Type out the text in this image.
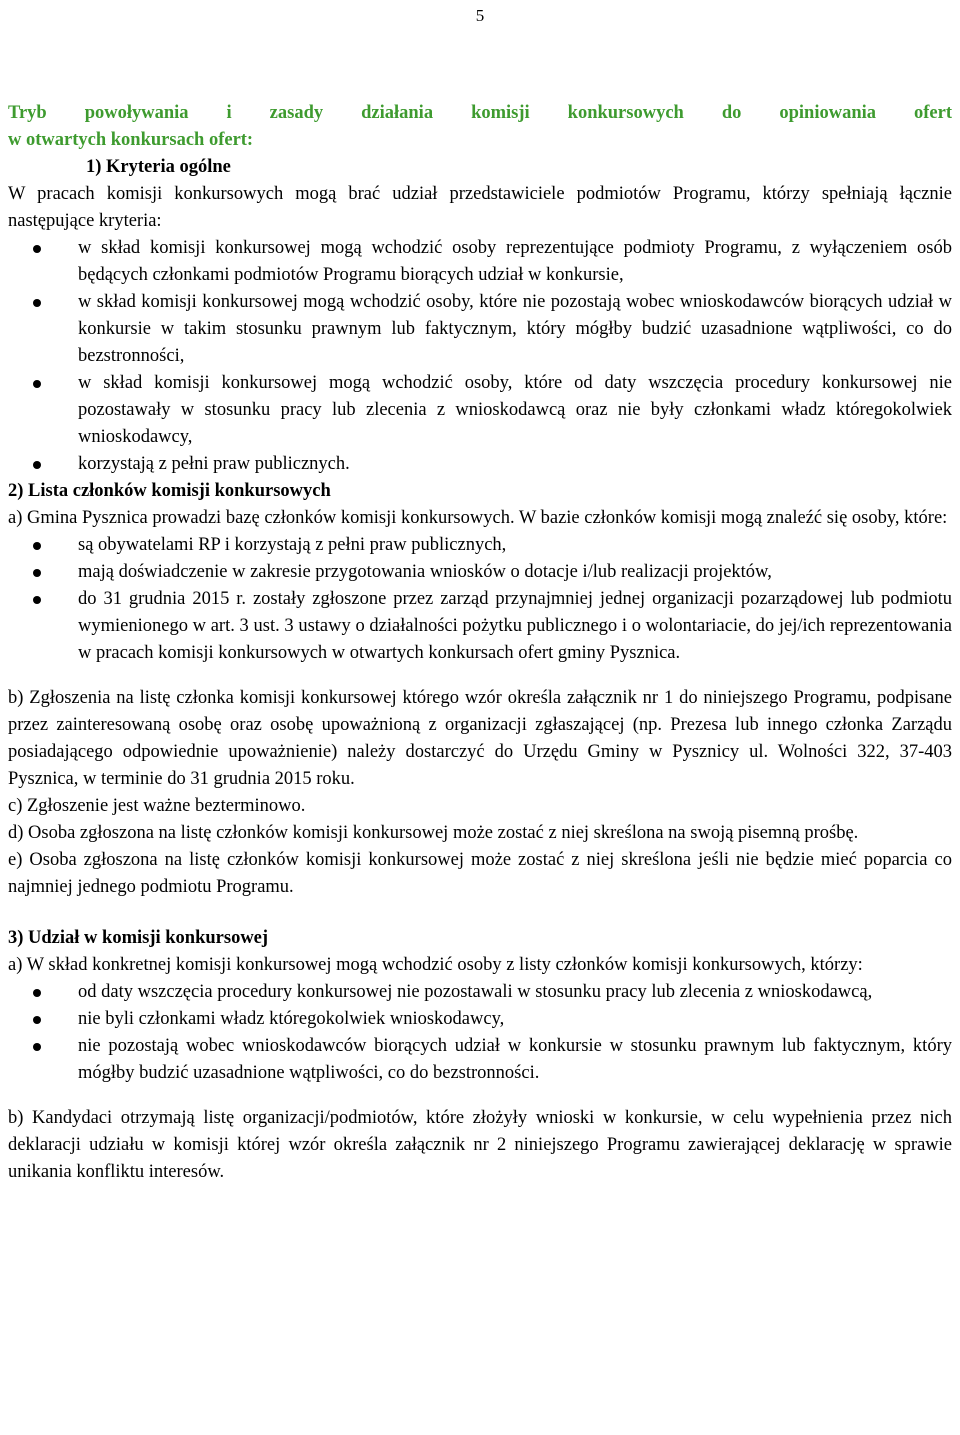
5
Tryb powoływania i zasady działania komisji konkursowych do opiniowania ofert
w otwartych konkursach ofert:
1) Kryteria ogólne
W pracach komisji konkursowych mogą brać udział przedstawiciele podmiotów Programu, którzy spełniają łącznie następujące kryteria:
w skład komisji konkursowej mogą wchodzić osoby reprezentujące podmioty Programu, z wyłączeniem osób będących członkami podmiotów Programu biorących udział w konkursie,
w skład komisji konkursowej mogą wchodzić osoby, które nie pozostają wobec wnioskodawców biorących udział w konkursie w takim stosunku prawnym lub faktycznym, który mógłby budzić uzasadnione wątpliwości, co do bezstronności,
w skład komisji konkursowej mogą wchodzić osoby, które od daty wszczęcia procedury konkursowej nie pozostawały w stosunku pracy lub zlecenia z wnioskodawcą oraz nie były członkami władz któregokolwiek wnioskodawcy,
korzystają z pełni praw publicznych.
2) Lista członków komisji konkursowych
a) Gmina Pysznica prowadzi bazę członków komisji konkursowych. W bazie członków komisji mogą znaleźć się osoby, które:
są obywatelami RP i korzystają z pełni praw publicznych,
mają doświadczenie w zakresie przygotowania wniosków o dotacje i/lub realizacji projektów,
do 31 grudnia 2015 r. zostały zgłoszone przez zarząd przynajmniej jednej organizacji pozarządowej lub podmiotu wymienionego w art. 3 ust. 3 ustawy o działalności pożytku publicznego i o wolontariacie, do jej/ich reprezentowania w pracach komisji konkursowych w otwartych konkursach ofert gminy Pysznica.
b) Zgłoszenia na listę członka komisji konkursowej którego wzór określa załącznik nr 1 do niniejszego Programu, podpisane przez zainteresowaną osobę oraz osobę upoważnioną z organizacji zgłaszającej (np. Prezesa lub innego członka Zarządu posiadającego odpowiednie upoważnienie) należy dostarczyć do Urzędu Gminy w Pysznicy ul. Wolności 322, 37-403 Pysznica, w terminie do 31 grudnia 2015 roku.
c) Zgłoszenie jest ważne bezterminowo.
d) Osoba zgłoszona na listę członków komisji konkursowej może zostać z niej skreślona na swoją pisemną prośbę.
e) Osoba zgłoszona na listę członków komisji konkursowej może zostać z niej skreślona jeśli nie będzie mieć poparcia co najmniej jednego podmiotu Programu.
3) Udział w komisji konkursowej
a) W skład konkretnej komisji konkursowej mogą wchodzić osoby z listy członków komisji konkursowych, którzy:
od daty wszczęcia procedury konkursowej nie pozostawali w stosunku pracy lub zlecenia z wnioskodawcą,
nie byli członkami władz któregokolwiek wnioskodawcy,
nie pozostają wobec wnioskodawców biorących udział w konkursie w stosunku prawnym lub faktycznym, który mógłby budzić uzasadnione wątpliwości, co do bezstronności.
b) Kandydaci otrzymają listę organizacji/podmiotów, które złożyły wnioski w konkursie, w celu wypełnienia przez nich deklaracji udziału w komisji której wzór określa załącznik nr 2 niniejszego Programu zawierającej deklarację w sprawie unikania konfliktu interesów.
